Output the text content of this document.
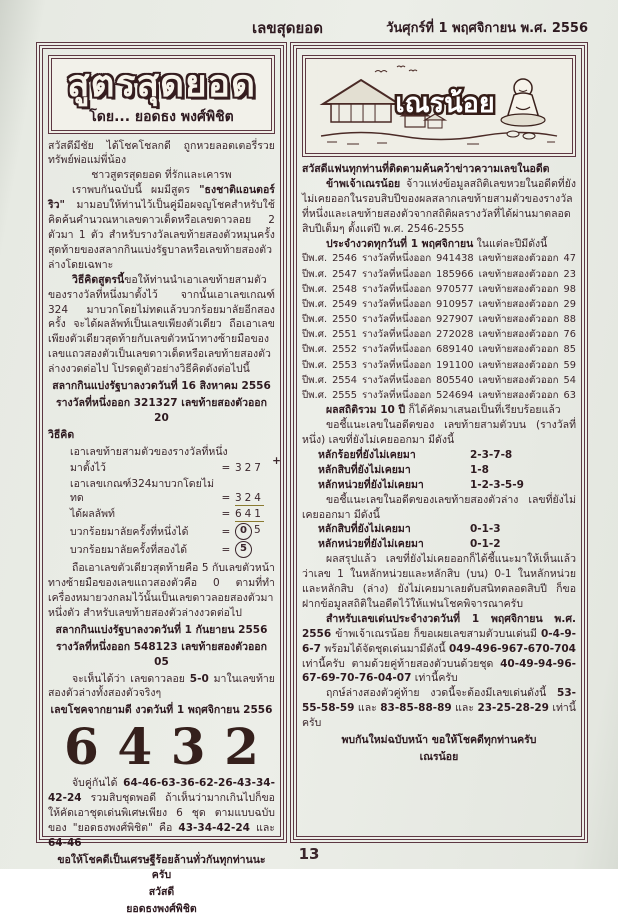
เลขสุดยอด	วันศุกร์ที่ 1 พฤศจิกายน พ.ศ. 2556
สูตรสุดยอด
โดย... ยอดธง พงศ์พิชิต
สวัสดีมีชัย ได้โชคโชลกดี ถูกหวยลอตเตอรี่รวยทรัพย์พ่อแม่พี่น้อง
ชาวสูตรสุดยอด ที่รักและเคารพ
เราพบกันฉบับนี้ ผมมีสูตร "ธงชาติแอนตอร์ริว" มามอบให้ท่านไว้เป็นคู่มือผจญโชคสำหรับใช้คิดค้นคำนวณหาเลขดาวเด็ดหรือเลขดาวลอย 2 ตัวมา 1 ตัว สำหรับรางวัลเลขท้ายสองตัวหมุนครั้งสุดท้ายของสลากกินแบ่งรัฐบาลหรือเลขท้ายสองตัวล่างโดยเฉพาะ
วิธีคิดสูตรนี้ขอให้ท่านนำเอาเลขท้ายสามตัวของรางวัลที่หนึ่งมาตั้งไว้ จากนั้นเอาเลขเกณฑ์ 324 มาบวกโดยไม่ทดแล้วบวกร้อยมาลัยอีกสองครั้ง จะได้ผลลัพท์เป็นเลขเพียงตัวเดียว ถือเอาเลขเพียงตัวเดียวสุดท้ายกับเลขตัวหน้าทางซ้ายมือของเลขแถวสองตัวเป็นเลขดาวเด็ดหรือเลขท้ายสองตัวล่างงวดต่อไป โปรดดูตัวอย่างวิธีคิดดังต่อไปนี้
สลากกินแบ่งรัฐบาลงวดวันที่ 16 สิงหาคม 2556
รางวัลที่หนึ่งออก 321327 เลขท้ายสองตัวออก 20
วิธีคิด
เอาเลขท้ายสามตัวของรางวัลที่หนึ่ง
มาตั้งไว้	= 327
+
เอาเลขเกณฑ์324มาบวกโดยไม่ทด	= 324
ได้ผลลัพท์	= 641
บวกร้อยมาลัยครั้งที่หนึ่งได้	= 0 5
บวกร้อยมาลัยครั้งที่สองได้	= 5
ถือเอาเลขตัวเดียวสุดท้ายคือ 5 กับเลขตัวหน้าทางซ้ายมือของเลขแถวสองตัวคือ 0 ตามที่ทำเครื่องหมายวงกลมไว้นั้นเป็นเลขดาวลอยสองตัวมาหนึ่งตัว สำหรับเลขท้ายสองตัวล่างงวดต่อไป
สลากกินแบ่งรัฐบาลงวดวันที่ 1 กันยายน 2556
รางวัลที่หนึ่งออก 548123 เลขท้ายสองตัวออก 05
จะเห็นได้ว่า เลขดาวลอย 5-0 มาในเลขท้ายสองตัวล่างทั้งสองตัวจริงๆ
เลขโชคจากยามดี งวดวันที่ 1 พฤศจิกายน 2556
6 4 3 2
จับคู่กันได้ 64-46-63-36-62-26-43-34-42-24 รวมสิบชุดพอดี ถ้าเห็นว่ามากเกินไปก็ขอให้คัดเอาชุดเด่นพิเศษเพียง 6 ชุด ตามแบบฉบับของ "ยอดธงพงศ์พิชิต" คือ 43-34-42-24 และ 64-46
ขอให้โชคดีเป็นเศรษฐีร้อยล้านทั่วกันทุกท่านนะครับ
สวัสดี
ยอดธงพงศ์พิชิต
เณรน้อย
สวัสดีแฟนทุกท่านที่ติดตามค้นคว้าข่าวความเลขในอดีต
ข้าพเจ้าเณรน้อย จ้าวแห่งข้อมูลสถิติเลขหวยในอดีตที่ยังไม่เคยออกในรอบสิบปีของผลสลากเลขท้ายสามตัวของรางวัลที่หนึ่งและเลขท้ายสองตัวจากสถิติผลรางวัลที่ได้ผ่านมาตลอดสิบปีเต็มๆ ตั้งแต่ปี พ.ศ. 2546-2555
ประจำงวดทุกวันที่ 1 พฤศจิกายน ในแต่ละปีมีดังนี้
ปีพ.ศ. 2546 รางวัลที่หนึ่งออก 941438 เลขท้ายสองตัวออก 47
ปีพ.ศ. 2547 รางวัลที่หนึ่งออก 185966 เลขท้ายสองตัวออก 23
ปีพ.ศ. 2548 รางวัลที่หนึ่งออก 970577 เลขท้ายสองตัวออก 98
ปีพ.ศ. 2549 รางวัลที่หนึ่งออก 910957 เลขท้ายสองตัวออก 29
ปีพ.ศ. 2550 รางวัลที่หนึ่งออก 927907 เลขท้ายสองตัวออก 88
ปีพ.ศ. 2551 รางวัลที่หนึ่งออก 272028 เลขท้ายสองตัวออก 76
ปีพ.ศ. 2552 รางวัลที่หนึ่งออก 689140 เลขท้ายสองตัวออก 85
ปีพ.ศ. 2553 รางวัลที่หนึ่งออก 191100 เลขท้ายสองตัวออก 59
ปีพ.ศ. 2554 รางวัลที่หนึ่งออก 805540 เลขท้ายสองตัวออก 54
ปีพ.ศ. 2555 รางวัลที่หนึ่งออก 524694 เลขท้ายสองตัวออก 63
ผลสถิติรวม 10 ปี ก็ได้คัดมาเสนอเป็นที่เรียบร้อยแล้ว
ขอชี้แนะเลขในอดีตของ เลขท้ายสามตัวบน (รางวัลที่หนึ่ง) เลขที่ยังไม่เคยออกมา มีดังนี้
หลักร้อยที่ยังไม่เคยมา	2-3-7-8
หลักสิบที่ยังไม่เคยมา	1-8
หลักหน่วยที่ยังไม่เคยมา	1-2-3-5-9
ขอชี้แนะเลขในอดีตของเลขท้ายสองตัวล่าง เลขที่ยังไม่เคยออกมา มีดังนี้
หลักสิบที่ยังไม่เคยมา	0-1-3
หลักหน่วยที่ยังไม่เคยมา	0-1-2
ผลสรุปแล้ว เลขที่ยังไม่เคยออกก็ได้ชี้แนะมาให้เห็นแล้วว่าเลข 1 ในหลักหน่วยและหลักสิบ (บน) 0-1 ในหลักหน่วยและหลักสิบ (ล่าง) ยังไม่เคยมาเลยดับสนิทตลอดสิบปี ก็ขอฝากข้อมูลสถิติในอดีตไว้ให้แฟนโชคพิจารณาครับ
สำหรับเลขเด่นประจำงวดวันที่ 1 พฤศจิกายน พ.ศ. 2556 ข้าพเจ้าเณรน้อย ก็ขอเผยเลขสามตัวบนเด่นมี 0-4-9-6-7 พร้อมได้จัดชุดเด่นมามีดังนี้ 049-496-967-670-704 เท่านี้ครับ ตามด้วยคู่ท้ายสองตัวบนด้วยชุด 40-49-94-96-67-69-70-76-04-07 เท่านี้ครับ
ฤกษ์ล่างสองตัวคู่ท้าย งวดนี้จะต้องมีเลขเด่นดังนี้ 53-55-58-59 และ 83-85-88-89 และ 23-25-28-29 เท่านี้ครับ
พบกันใหม่ฉบับหน้า ขอให้โชคดีทุกท่านครับ
เณรน้อย
13
